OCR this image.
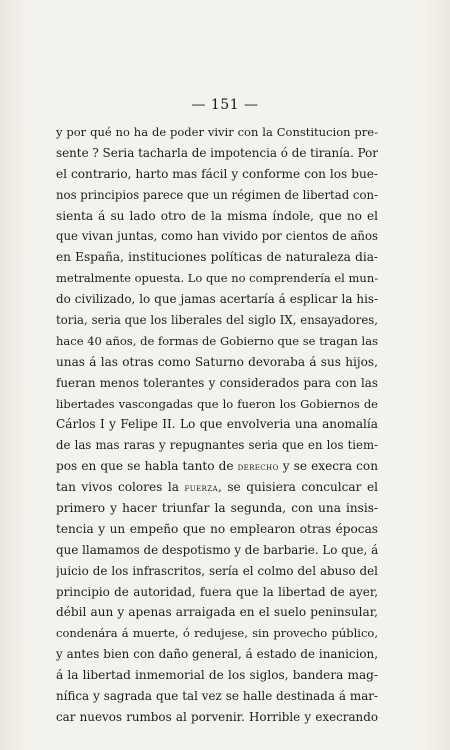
— 151 —
y por qué no ha de poder vivir con la Constitucion pre-
sente ? Seria tacharla de impotencia ó de tiranía. Por
el contrario, harto mas fácil y conforme con los bue-
nos principios parece que un régimen de libertad con-
sienta á su lado otro de la misma índole, que no el
que vivan juntas, como han vivido por cientos de años
en España, instituciones políticas de naturaleza dia-
metralmente opuesta. Lo que no comprendería el mun-
do civilizado, lo que jamas acertaría á esplicar la his-
toria, seria que los liberales del siglo IX, ensayadores,
hace 40 años, de formas de Gobierno que se tragan las
unas á las otras como Saturno devoraba á sus hijos,
fueran menos tolerantes y considerados para con las
libertades vascongadas que lo fueron los Gobiernos de
Cárlos I y Felipe II. Lo que envolveria una anomalía
de las mas raras y repugnantes seria que en los tiem-
pos en que se habla tanto de derecho y se execra con
tan vivos colores la fuerza, se quisiera conculcar el
primero y hacer triunfar la segunda, con una insis-
tencia y un empeño que no emplearon otras épocas
que llamamos de despotismo y de barbarie. Lo que, á
juicio de los infrascritos, sería el colmo del abuso del
principio de autoridad, fuera que la libertad de ayer,
débil aun y apenas arraigada en el suelo peninsular,
condenára á muerte, ó redujese, sin provecho público,
y antes bien con daño general, á estado de inanicion,
á la libertad inmemorial de los siglos, bandera mag-
nífica y sagrada que tal vez se halle destinada á mar-
car nuevos rumbos al porvenir. Horrible y execrando
